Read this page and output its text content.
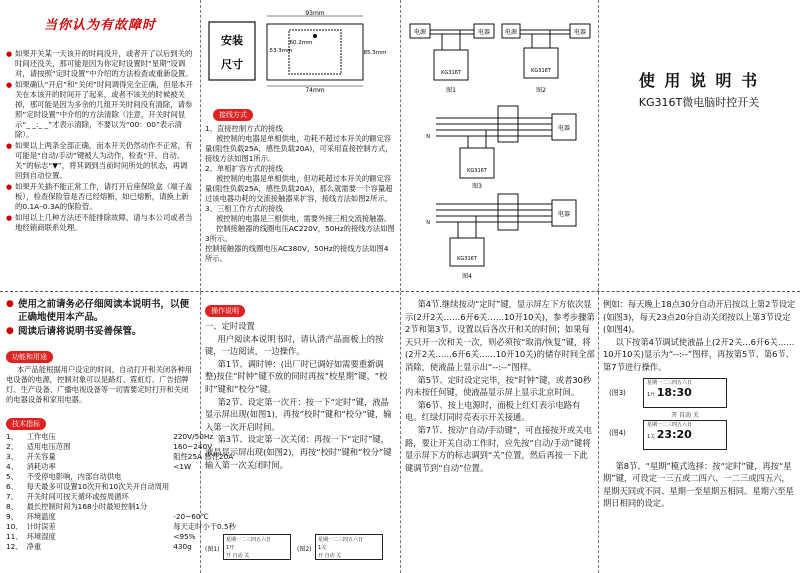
当你认为有故障时
● 如果开关某一天该开的时间没开，或者开了以后到关的时间还没关，那可能是因为你定时设置时“星期”设调对，请按照“定时设置”中介绍的方法检查或重新设置。
● 如果确认“开启”和“关闭”时间调得完全正确，但是本开关在本该开的时间开了起来，或者不该关的时候被关掉，那可能是因为多余的几组开关时间没有清除，请参照“定时设置”中介绍的方法清除（注意，开关时间显示“_ _:_ _”才表示清除，不要以为“00：00”表示清除）。
● 如果以上两条全部正确，而本开关仍然动作不正常，有可能是“自动/手动”键被人为动作，检查“开、自动、关”的标志“▼”，将其调到当前时间所处的状态，再调回到自动位置。
● 如果开关插不能正常工作，请打开后座保险盒（端子盖板），检查保险管是否已经熔断，如已熔断，请换上新的0.1A–0.3A的保险管。
● 如用以上几种方法还不能排除故障，请与本公司或者当地经销商联系处理。
安装
尺寸
93mm
60.2mm
53.3mm	85.3mm
74mm
接线方式

1、直接控制方式的接线

被控制的电器是单相供电，功耗不超过本开关的额定容量(阻性负载25A，感性负载20A)，可采用直接控制方式，接线方法如图1所示。

2、单相扩容方式的接线

被控制的电器是单相供电，但功耗超过本开关的额定容量(阻性负载25A，感性负载20A)，那么就需要一个容量超过该电器功耗的交流接触器来扩容，接线方法如图2所示。

3、三相工作方式的接线

被控制的电器是三相供电，需要外接三相交流接触器。

控制接触器的线圈电压AC220V，50Hz的接线方法如图3所示。

控制接触器的线圈电压AC380V，50Hz的接线方法如图4所示。

电源	电器
KG316T
图1
电源	电器
KG316T
图2
N
电器
KG316T
图3
N
电器
KG316T
图4
使 用 说 明 书
KG316T微电脑时控开关
● 使用之前请务必仔细阅读本说明书，以便正确地使用本产品。
● 阅读后请将说明书妥善保管。
功能和用途
本产品能根据用户设定的时间，自动打开和关闭各种用电设备的电源，控制对象可以是路灯、霓虹灯、广告招牌灯、生产设备、广播电视设备等一切需要定时打开和关闭的电器设备和家用电器。
技术指标
1、	工作电压	220V/50Hz
2、	适用电压范围	160~240V
3、	开关容量	阻性25A 感性20A
4、	消耗功率	<1W
5、	不受停电影响，内部自动供电	
6、	每天最多可设置10次开和10次关开自动周用	
7、	开关时间可按天循环或按周循环	
8、	最长控制时间为168小时最短控制1分	
9、	环境温度	-20~60℃
10、	计时误差	每天走时小于0.5秒
11、	环境湿度	<95%
12、	净重	430g
操作说明

一、定时设置

用户阅读本说明书时，请认清产品面板上的按键，一边阅读，一边操作。

第1节、调时钟：(出厂时已调好如需要重新调整)按住“时钟”键不放的同时再按“校星期”键、“校时”键和“校分”键。

第2节、设定第一次开：按一下“定时”键，液晶显示屏出现(如图1)，再按“校时”键和“校分”键，输入第一次开启时间。

第3节、设定第一次关闭：再按一下“定时”键，液晶显示屏出现(如图2)，再按“校时”键和“校分”键输入第一次关闭时间。

(图1)
星期一二三四五六日
1开
开 自动 关
(图2)
星期一二三四五六日
1关
开 自动 关

第4节.继续按动“定时”键，显示屏左下方依次显示(2开2关……6开6关……10开10关)，参考步骤第2节和第3节，设置以后各次开和关的时间；如果每天只开一次和关一次，则必须按“取消/恢复”键，将(2开2关……6开6关……10开10关)的储存时间全部消除，使液晶上显示出“--:--”图样。

第5节、定时设定完毕，按“时钟”键，或者30秒内未按任何键，使液晶显示屏上显示北京时间。

第6节、按上电源时，面板上红灯表示电路有电。红绿灯同时亮表示开关接通。

第7节、按动“自动/手动键”，可直接按开或关电路，要让开关自动工作时，应先按“自动/手动”键将显示屏下方的标志调到“关”位置，然后再按一下此键调节到“自动”位置。

例如：每天晚上18点30分自动开启按以上第2节设定(如图3)，每天23点20分自动关闭按以上第3节设定(如图4)。

以下按第4节调试使液晶上(2开2关…6开6关……10开10关)显示为“--:--”图样，再按第5节、第6节、第7节进行操作。

(图3)
星期一二三四五六日
1开 18:30
开 自动 关
(图4)
星期一二三四五六日
1关 23:20

第8节、“星期”模式选择：按“定时”键，再按“星期”键，可设定一三五或二四六、一二三或四五六，星期天同或不同、星期一至星期五相同。星期六至星期日相同的设定。
